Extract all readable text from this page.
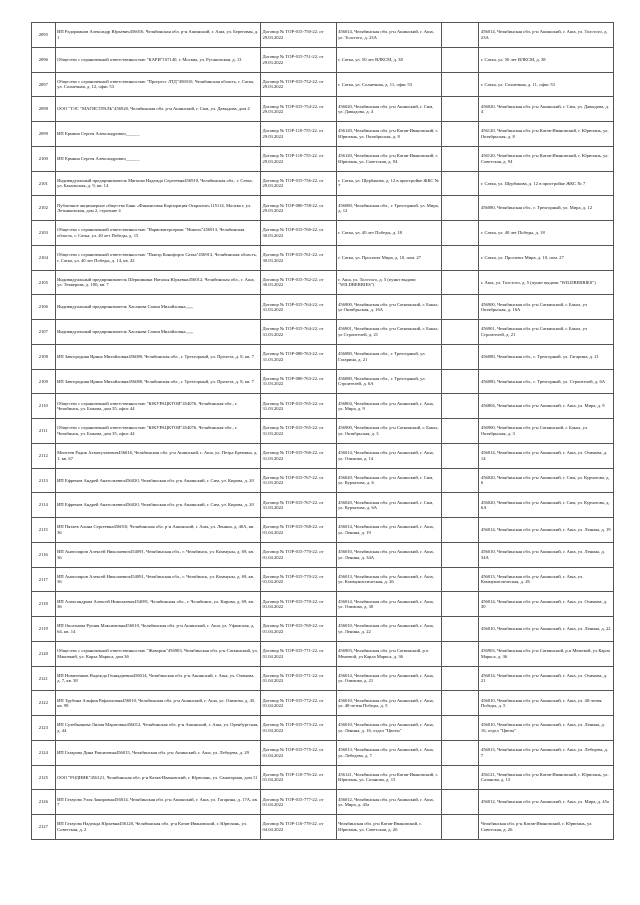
2095	ИП Радорманов Александр Юрьевич456016, Челябинская обл. р-н Ашинский, г. Аша, ул. Береговая, д. 1	Договор № ТОР-015-750-22. от 29.03.2022	456014, Челябинская обл. р-н Ашинский, г. Аша, ул. Толстого, д. 23А		456014, Челябинская обл. р-н Ашинский, г. Аша, ул. Толстого, д. 23А
2096	Общество с ограниченной ответственностью "КАРИ"107140, г. Москва, ул. Русаковская, д. 13	Договор № ТОР-015-751-22. от 29.03.2022	г. Сатка, ул. 50 лет ВЛКСМ, д. 38		г. Сатка, ул. 50 лет ВЛКСМ, д. 38
2097	Общество с ограниченной ответственностью "Прогресс ЛТД"456910, Челябинская область, г. Сатка, ул. Солнечная, д. 12, офис 53	Договор № ТОР-015-752-22. от 29.03.2022	г. Сатка, ул. Солнечная, д. 11, офис 53		г. Сатка, ул. Солнечная, д. 11, офис 53
2098	ООО "ТЭС "МАГИСТРАЛЬ"456920, Челябинская обл. р-н Ашинский, г. Сим, ул. Давыдова, дом 4	Договор № ТОР-015-754-22. от 29.03.2022	456020, Челябинская обл. р-н Ашинский, г. Сим, ул. Давыдова, д. 4		456020, Челябинская обл. р-н Ашинский, г. Сим, ул. Давыдова, д. 4
2099	ИП Ермина Сергея Александрович______	Договор № ТОР-110-755-22. от 29.03.2022	456120, Челябинская обл. р-н Катав-Ивановский, г. Юрюзань, ул. Октябрьская, д. 8		456120, Челябинская обл. р-н Катав-Ивановский, г. Юрюзань, ул. Октябрьская, д. 8
2100	ИП Ермина Сергея Александрович______	Договор № ТОР-110-755-22. от 29.03.2022	456120, Челябинская обл. р-н Катав-Ивановский, г. Юрюзань, ул. Советская, д. 94		456120, Челябинская обл. р-н Катав-Ивановский, г. Юрюзань, ул. Советская, д. 94
2101	Индивидуальный предприниматель Мягкова Надежда Сергеевна456910, Челябинская обл., г. Сатка, ул. Бакальская, д. 9, кв. 14	Договор № ТОР-015-756-22. от 29.03.2022	г. Сатка, ул. Щербакова, д. 12 в пристройке ЖКС № 7		г. Сатка, ул. Щербакова, д. 12 в пристройке ЖКС № 7
2102	Публичное акционерное общество Банк «Финансовая Корпорация Открытие»115114, Москва г, ул. Летниковская, дом 2, строение 4	Договор № ТОР-080-758-22. от 29.03.2022	456080, Челябинская обл., г. Трехгорный, ул. Мира, д. 12		456080, Челябинская обл., г. Трехгорный, ул. Мира, д. 12
2103	Общество с ограниченной ответственностью "Нарвоватерсервис "Никель"456913, Челябинская область, г. Сатка, ул. 40 лет Победы, д. 15	Договор № ТОР-015-760-22. от 30.03.2022	г. Сатка, ул. 40 лет Победы, д. 18		г. Сатка, ул. 40 лет Победы, д. 18
2104	Общество с ограниченной ответственностью "Пьюэр Коньфорто Сатка"456913, Челябинская область, г. Сатка, ул. 40 лет Победы, д. 14, кв. 42	Договор № ТОР-015-761-22. от 30.03.2022	г. Сатка, ул. Проспект Мира, д. 10, пом. 27		г. Сатка, ул. Проспект Мира, д. 10, пом. 27
2105	Индивидуальный предприниматель Шершинина Наталья Юрьевна456012, Челябинская обл., г. Аша, ул. Теккерова, д. 100, кв. 7	Договор № ТОР-015-762-22. от 30.03.2022	г. Аша, ул. Толстого, д. 5 (пункт выдачи "WILDBERRIES")		г. Аша, ул. Толстого, д. 5 (пункт выдачи "WILDBERRIES")
2106	Индивидуальный предприниматель Хасанова Сапия Михайловна,,,,,,,	Договор № ТОР-015-764-22. от 31.03.2022	456900, Челябинская обл. р-н Саткинский, г. Бакал, ул Октябрьская, д. 16А		456900, Челябинская обл. р-н Саткинский, г. Бакал, ул Октябрьская, д. 16А
2107	Индивидуальный предприниматель Хасанова Сапия Михайловна,,,,,,,	Договор № ТОР-015-764-22. от 31.03.2022	456901, Челябинская обл. р-н Саткинский, г. Бакал, ул Строителей, д. 21		456901, Челябинская обл. р-н Саткинский, г. Бакал, ул Строителей, д. 21
2108	ИП Завгородняя Ирина Михайловна456080, Челябинская обл., г. Трехгорный, ул. Пролета, д. 8, кв. 7	Договор № ТОР-080-763-22. от 31.03.2022	456080, Челябинская обл., г. Трехгорный, ул. Гагарина, д. 21		456080, Челябинская обл., г. Трехгорный, ул. Гагарина, д. 21
2109	ИП Завгородняя Ирина Михайловна456080, Челябинская обл., г. Трехгорный, ул. Пролета, д. 8, кв. 7	Договор № ТОР-080-763-22. от 31.03.2022	456080, Челябинская обл., г. Трехгорный, ул. Строителей, д. 6А		456080, Челябинская обл., г. Трехгорный, ул. Строителей, д. 6А
2110	Общество с ограниченной ответственностью "ЮКУРАЦКТОИ"454076, Челябинская обл., г. Челябинск, ул. Бажова, дом 35, офис 44	Договор № ТОР-015-765-22. от 31.03.2022	456804, Челябинская обл. р-н Ашинский, г. Аша, ул. Мира, д. 9		456804, Челябинская обл. р-н Ашинский, г. Аша, ул. Мира, д. 9
2111	Общество с ограниченной ответственностью "ЮКУРАЦКТОИ"454076, Челябинская обл., г. Челябинск, ул. Бажова, дом 35, офис 44	Договор № ТОР-015-765-22. от 31.03.2022	456900, Челябинская обл. р-н Саткинский, г. Бакал, ул. Октябрьская, д. 3		456900, Челябинская обл. р-н Саткинский, г. Бакал, ул. Октябрьская, д. 3
2112	Моисеев Радик Ахматуллаевич456016, Челябинская обл. р-н Ашинский, г. Аша, ул. Петра Еремина, д. 1, кв. 67	Договор № ТОР-015-766-22. от 31.03.2022	456014, Челябинская обл. р-н Ашинский, г. Аша, ул. Озимова, д. 14		456014, Челябинская обл. р-н Ашинский, г. Аша, ул. Озимова, д. 14
2113	ИП Ефремов Андрей Анатольевич456020, Челябинская обл. р-н Ашинский, г. Сим, ул. Кирова, д. 20	Договор № ТОР-015-767-22. от 31.03.2022	456020, Челябинская обл. р-н Ашинский, г. Сим, ул. Курчатова, д. 6		456020, Челябинская обл. р-н Ашинский, г. Сим, ул. Курчатова, д. 6
2114	ИП Ефремов Андрей Анатольевич456020, Челябинская обл. р-н Ашинский, г. Сим, ул. Кирова, д. 20	Договор № ТОР-015-767-22. от 31.03.2022	456020, Челябинская обл. р-н Ашинский, г. Сим, ул. Курчатова, д. 6А		456020, Челябинская обл. р-н Ашинский, г. Сим, ул. Курчатова, д. 6А
2115	ИП Пятаев Алина Сергеевна456010, Челябинская обл. р-н Ашинский, г. Аша, ул. Ленина, д. 40А, кв. 36	Договор № ТОР-015-768-22. от 01.04.2022	456014, Челябинская обл. р-н Ашинский, г. Аша, ул. Ленина, д. 19		456014, Челябинская обл. р-н Ашинский, г. Аша, ул. Ленина, д. 19
2116	ИП Анатоляров Алексей Николаевич454091, Челябинская обл., г. Челябинск, ул. Коммуны, д. 69, кв. 36	Договор № ТОР-015-770-22. от 01.04.2022	456010, Челябинская обл. р-н Ашинский, г. Аша, ул. Ленина, д. 34А		456010, Челябинская обл. р-н Ашинский, г. Аша, ул. Ленина, д. 34А
2117	ИП Анатоляров Алексей Николаевич454091, Челябинская обл., г. Челябинск, ул. Коммуны, д. 69, кв. 36	Договор № ТОР-015-770-22. от 01.04.2022	456013, Челябинская обл. р-н Ашинский, г. Аша, ул. Коммунистическая, д. 26		456013, Челябинская обл. р-н Ашинский, г. Аша, ул. Коммунистическая, д. 26
2118	ИП Александрова Алексей Николаевич454091, Челябинская обл., г. Челябинск, ул. Кирова, д. 69, кв. 36	Договор № ТОР-015-770-22. от 01.04.2022	456014, Челябинская обл. р-н Ашинский, г. Аша, ул. Озимова, д. 30		456014, Челябинская обл. р-н Ашинский, г. Аша, ул. Озимова, д. 30
2119	ИП Оксатнова Рушия Максимовна456010, Челябинская обл. р-н Ашинский, г. Аша, ул. Уфимская, д. 64, кв. 14	Договор № ТОР-015-769-22. от 01.04.2022	456010, Челябинская обл. р-н Ашинский, г. Аша, ул. Ленина, д. 22		456010, Челябинская обл. р-н Ашинский, г. Аша, ул. Ленина, д. 22
2120	Общество с ограниченной ответственностью "Жаворик"456903, Челябинская обл. р-н Саткинский, ул. Маковкий, ул. Карла Маркса, дом 36	Договор № ТОР-015-771-22. от 01.04.2022	456903, Челябинская обл. р-н Саткинский, р.п Межевой, ул Карла Маркса, д. 36		456903, Челябинская обл. р-н Саткинский, р.п Межевой, ул Карла Маркса, д. 36
2121	ИП Новиченков Надежда Геннадиевна456014, Челябинская обл. р-н Ашинский, г. Аша, ул. Озимова, д. 7, кв. 38	Договор № ТОР-015-771-22. от 01.04.2022	456014, Челябинская обл. р-н Ашинский, г. Аша, ул. Озимова, д. 21		456014, Челябинская обл. р-н Ашинский, г. Аша, ул. Озимова, д. 21
2122	ИП Трубина Альфия Рафаиловна456010, Челябинская обл. р-н Ашинский, г. Аша, ул. Озимова, д. 45, кв. 98	Договор № ТОР-015-772-22. от 01.04.2022	456010, Челябинская обл. р-н Ашинский, г. Аша, ул. 40-летия Победы, д. 5		456010, Челябинская обл. р-н Ашинский, г. Аша, ул. 40-летия Победы, д. 5
2123	ИП Сулейманова Лилия Маратовна456012, Челябинская обл. р-н Ашинский, г. Аша, ул. Оренбургская, д. 44	Договор № ТОР-015-773-22. от 01.04.2022	456010, Челябинская обл. р-н Ашинский, г. Аша, ул. Ленина, д. 16, отдел "Цветы"		456010, Челябинская обл. р-н Ашинский, г. Аша, ул. Ленина, д. 16, отдел "Цветы"
2124	ИП Газарова Дина Рашитовна456015, Челябинская обл. р-н Ашинский, г. Аша, ул. Лебедева, д. 29	Договор № ТОР-015-775-22. от 01.04.2022	456013, Челябинская обл. р-н Ашинский, г. Аша, ул. Лебедева, д. 7		456013, Челябинская обл. р-н Ашинский, г. Аша, ул. Лебедева, д. 7
2125	ООО "РОДНИК"456121, Челябинская обл. р-н Катав-Ивановский, г. Юрюзань, ул. Санаторная, дом 11	Договор № ТОР-110-776-22. от 01.04.2022	456121, Челябинская обл. р-н Катав-Ивановский, г. Юрюзань, ул. Сазанова, д. 15		456121, Челябинская обл. р-н Катав-Ивановский, г. Юрюзань, ул. Сазанова, д. 15
2126	ИП Гатауова Улля Закировна456014, Челябинская обл. р-н Ашинский, г. Аша, ул. Гагарина, д. 17А, кв. 7	Договор № ТОР-015-777-22. от 01.04.2022	456012, Челябинская обл. р-н Ашинский, г. Аша, ул. Мира, д. 45а		456012, Челябинская обл. р-н Ашинский, г. Аша, ул. Мира, д. 45а
2127	ИП Гатауова Надежда Юрьевна456120, Челябинская обл. р-н Катав-Ивановский, г. Юрюзань, ул. Советская, д. 2	Договор № ТОР-110-778-22. от 04.04.2022	Челябинская обл. р-н Катав-Ивановский, г. Юрюзань, ул. Советская, д. 26		Челябинская обл. р-н Катав-Ивановский, г. Юрюзань, ул. Советская, д. 26
